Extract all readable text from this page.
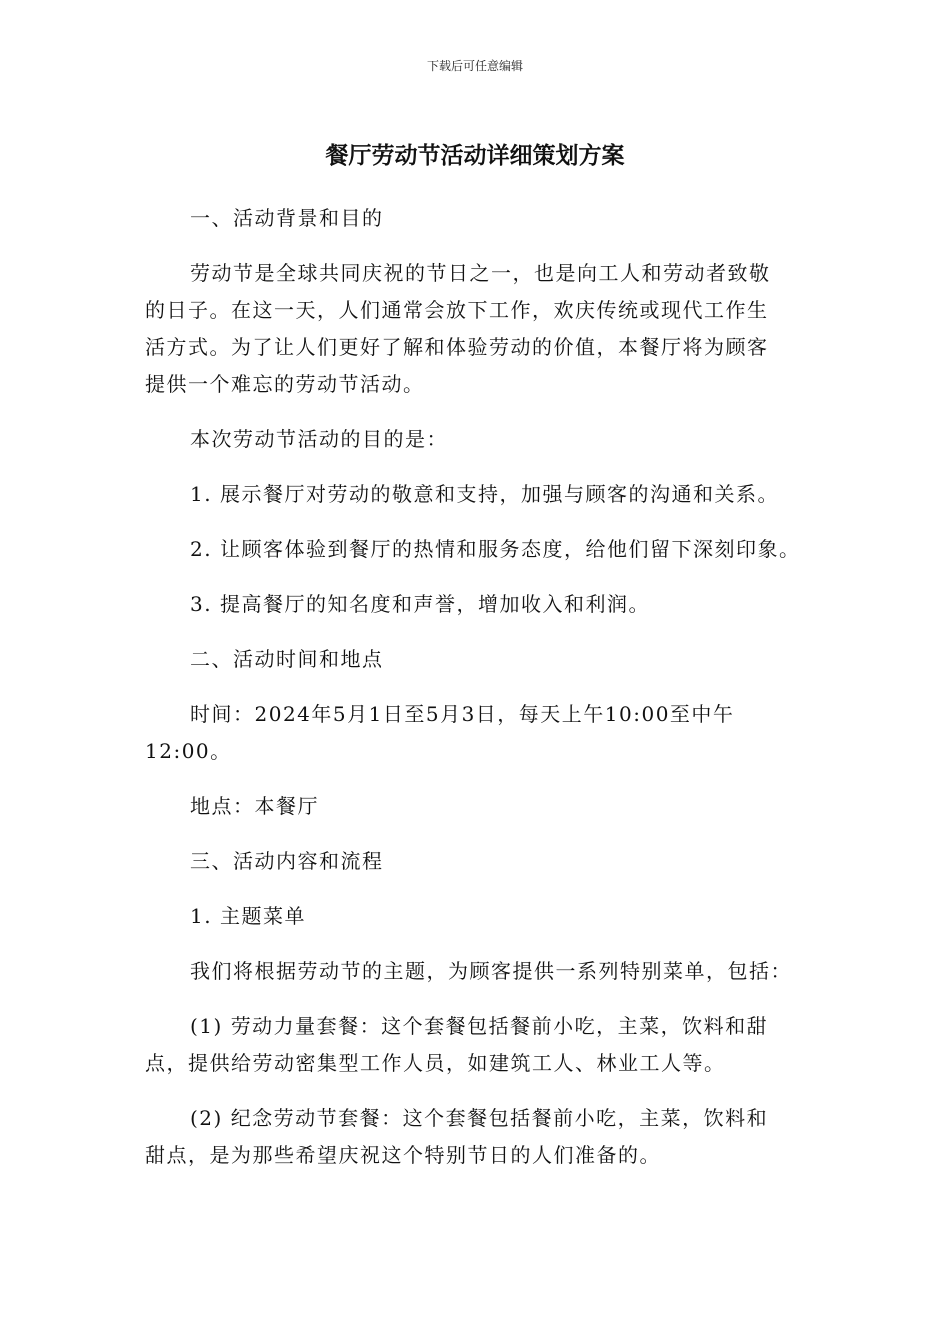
下载后可任意编辑
餐厅劳动节活动详细策划方案
一、活动背景和目的
劳动节是全球共同庆祝的节日之一，也是向工人和劳动者致敬
的日子。在这一天，人们通常会放下工作，欢庆传统或现代工作生
活方式。为了让人们更好了解和体验劳动的价值，本餐厅将为顾客
提供一个难忘的劳动节活动。
本次劳动节活动的目的是：
1. 展示餐厅对劳动的敬意和支持，加强与顾客的沟通和关系。
2. 让顾客体验到餐厅的热情和服务态度，给他们留下深刻印象。
3. 提高餐厅的知名度和声誉，增加收入和利润。
二、活动时间和地点
时间：2024年5月1日至5月3日，每天上午10:00至中午
12:00。
地点：本餐厅
三、活动内容和流程
1. 主题菜单
我们将根据劳动节的主题，为顾客提供一系列特别菜单，包括：
(1) 劳动力量套餐：这个套餐包括餐前小吃，主菜，饮料和甜
点，提供给劳动密集型工作人员，如建筑工人、林业工人等。
(2) 纪念劳动节套餐：这个套餐包括餐前小吃，主菜，饮料和
甜点，是为那些希望庆祝这个特别节日的人们准备的。
